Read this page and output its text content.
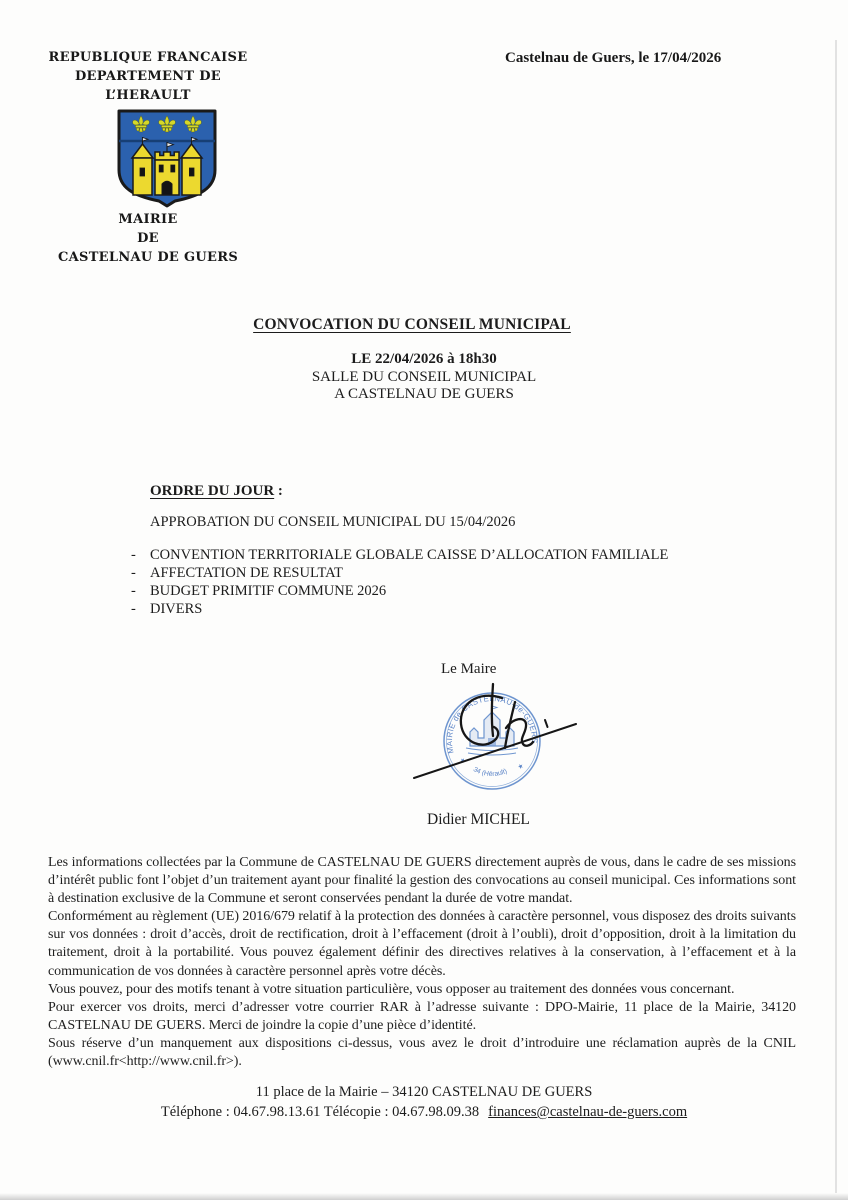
REPUBLIQUE FRANCAISE
DEPARTEMENT DE L’HERAULT
MAIRIE
DE
CASTELNAU DE GUERS
Castelnau de Guers, le 17/04/2026
CONVOCATION DU CONSEIL MUNICIPAL
LE 22/04/2026 à 18h30
SALLE DU CONSEIL MUNICIPAL
A CASTELNAU DE GUERS
ORDRE DU JOUR :
APPROBATION DU CONSEIL MUNICIPAL DU 15/04/2026
- CONVENTION TERRITORIALE GLOBALE CAISSE D’ALLOCATION FAMILIALE
- AFFECTATION DE RESULTAT
- BUDGET PRIMITIF COMMUNE 2026
- DIVERS
Le Maire
MAIRIE de CASTELNAU-de-GUERS
34 (Hérault)
★
★
Didier MICHEL

Les informations collectées par la Commune de CASTELNAU DE GUERS directement auprès de vous, dans le cadre de ses missions d’intérêt public font l’objet d’un traitement ayant pour finalité la gestion des convocations au conseil municipal. Ces informations sont à destination exclusive de la Commune et seront conservées pendant la durée de votre mandat.

Conformément au règlement (UE) 2016/679 relatif à la protection des données à caractère personnel, vous disposez des droits suivants sur vos données : droit d’accès, droit de rectification, droit à l’effacement (droit à l’oubli), droit d’opposition, droit à la limitation du traitement, droit à la portabilité. Vous pouvez également définir des directives relatives à la conservation, à l’effacement et à la communication de vos données à caractère personnel après votre décès.

Vous pouvez, pour des motifs tenant à votre situation particulière, vous opposer au traitement des données vous concernant.

Pour exercer vos droits, merci d’adresser votre courrier RAR à l’adresse suivante : DPO-Mairie, 11 place de la Mairie, 34120 CASTELNAU DE GUERS. Merci de joindre la copie d’une pièce d’identité.

Sous réserve d’un manquement aux dispositions ci-dessus, vous avez le droit d’introduire une réclamation auprès de la CNIL (www.cnil.fr<http://www.cnil.fr>).

11 place de la Mairie – 34120 CASTELNAU DE GUERS
Téléphone : 04.67.98.13.61 Télécopie : 04.67.98.09.38 finances@castelnau-de-guers.com
